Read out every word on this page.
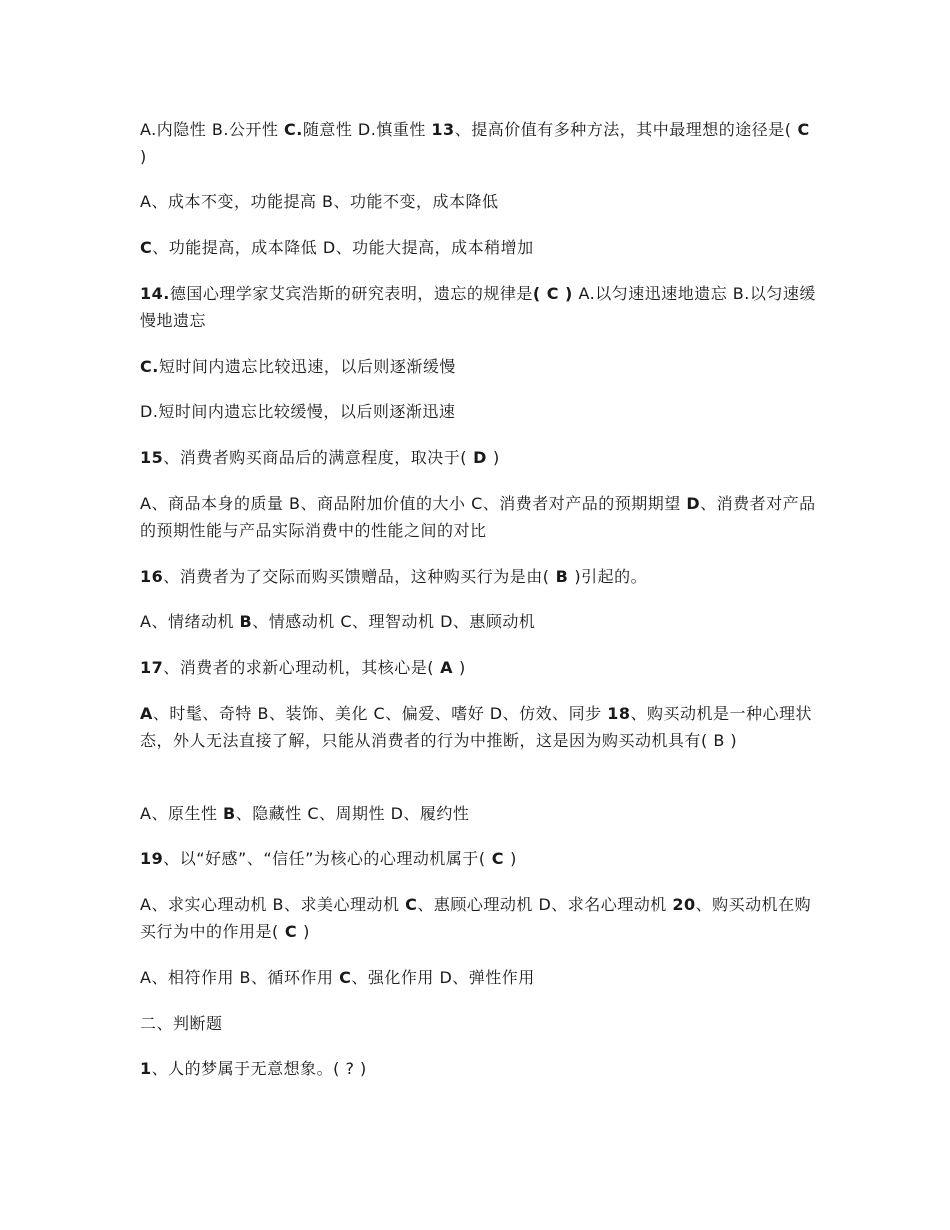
A.内隐性 B.公开性 C.随意性 D.慎重性 13、提高价值有多种方法，其中最理想的途径是( C )

A、成本不变，功能提高 B、功能不变，成本降低

C、功能提高，成本降低 D、功能大提高，成本稍增加

14.德国心理学家艾宾浩斯的研究表明，遗忘的规律是( C ) A.以匀速迅速地遗忘 B.以匀速缓慢地遗忘

C.短时间内遗忘比较迅速，以后则逐渐缓慢

D.短时间内遗忘比较缓慢，以后则逐渐迅速

15、消费者购买商品后的满意程度，取决于( D )

A、商品本身的质量 B、商品附加价值的大小 C、消费者对产品的预期期望 D、消费者对产品的预期性能与产品实际消费中的性能之间的对比

16、消费者为了交际而购买馈赠品，这种购买行为是由( B )引起的。

A、情绪动机 B、情感动机 C、理智动机 D、惠顾动机

17、消费者的求新心理动机，其核心是( A )

A、时髦、奇特 B、装饰、美化 C、偏爱、嗜好 D、仿效、同步 18、购买动机是一种心理状态，外人无法直接了解，只能从消费者的行为中推断，这是因为购买动机具有( B )

A、原生性 B、隐藏性 C、周期性 D、履约性

19、以“好感”、“信任”为核心的心理动机属于( C )

A、求实心理动机 B、求美心理动机 C、惠顾心理动机 D、求名心理动机 20、购买动机在购买行为中的作用是( C )

A、相符作用 B、循环作用 C、强化作用 D、弹性作用

二、判断题

1、人的梦属于无意想象。( ? )
